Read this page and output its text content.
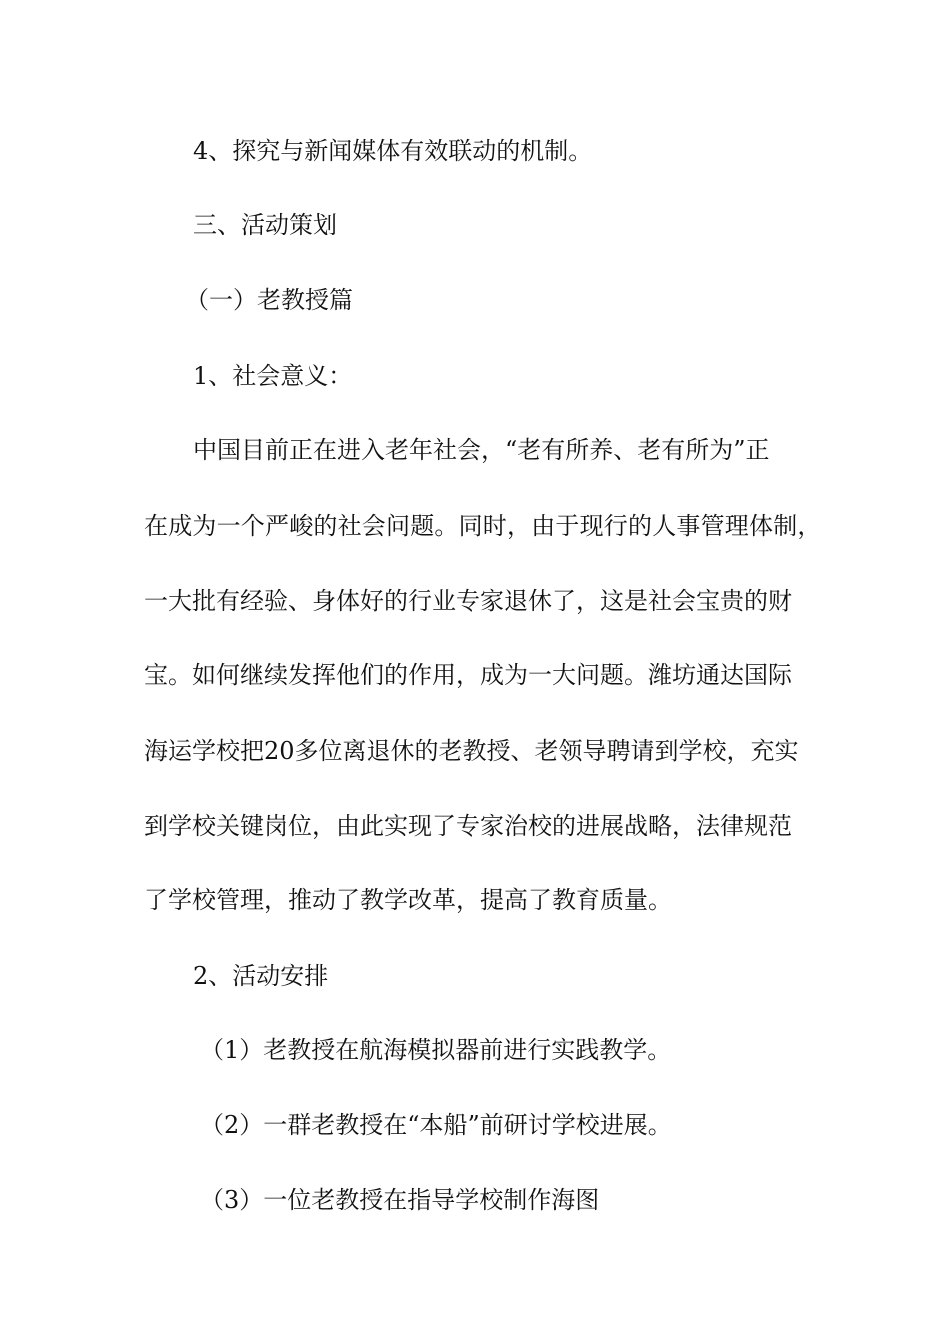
4、探究与新闻媒体有效联动的机制。
三、活动策划
（一）老教授篇
1、社会意义：
中国目前正在进入老年社会，“老有所养、老有所为”正
在成为一个严峻的社会问题。同时，由于现行的人事管理体制，
一大批有经验、身体好的行业专家退休了，这是社会宝贵的财
宝。如何继续发挥他们的作用，成为一大问题。潍坊通达国际
海运学校把20多位离退休的老教授、老领导聘请到学校，充实
到学校关键岗位，由此实现了专家治校的进展战略，法律规范
了学校管理，推动了教学改革，提高了教育质量。
2、活动安排
（1）老教授在航海模拟器前进行实践教学。
（2）一群老教授在“本船”前研讨学校进展。
（3）一位老教授在指导学校制作海图
